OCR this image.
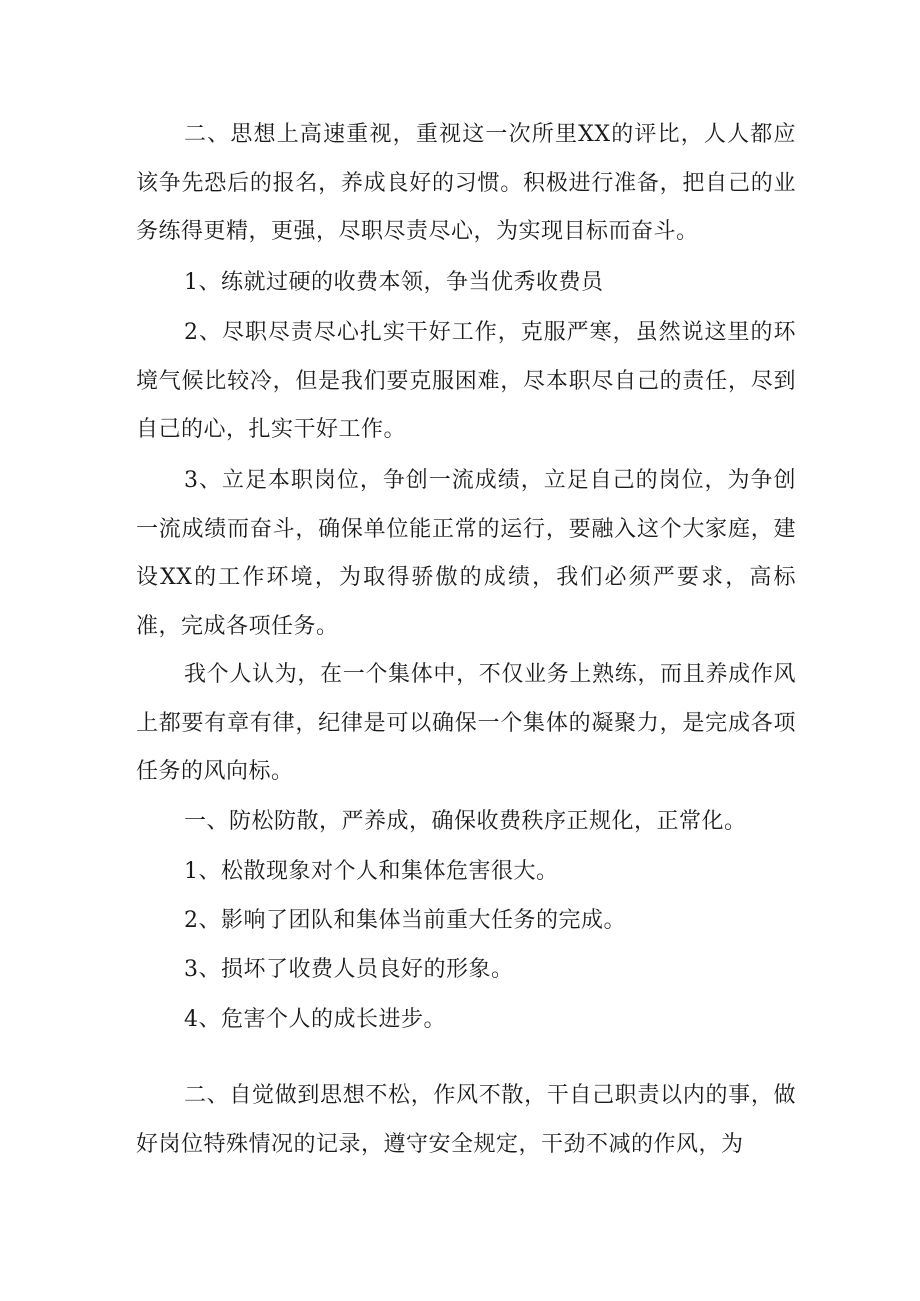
二、思想上高速重视，重视这一次所里XX的评比，人人都应该争先恐后的报名，养成良好的习惯。积极进行准备，把自己的业务练得更精，更强，尽职尽责尽心，为实现目标而奋斗。

1、练就过硬的收费本领，争当优秀收费员

2、尽职尽责尽心扎实干好工作，克服严寒，虽然说这里的环境气候比较冷，但是我们要克服困难，尽本职尽自己的责任，尽到自己的心，扎实干好工作。

3、立足本职岗位，争创一流成绩，立足自己的岗位，为争创一流成绩而奋斗，确保单位能正常的运行，要融入这个大家庭，建设XX的工作环境，为取得骄傲的成绩，我们必须严要求，高标准，完成各项任务。

我个人认为，在一个集体中，不仅业务上熟练，而且养成作风上都要有章有律，纪律是可以确保一个集体的凝聚力，是完成各项任务的风向标。

一、防松防散，严养成，确保收费秩序正规化，正常化。

1、松散现象对个人和集体危害很大。

2、影响了团队和集体当前重大任务的完成。

3、损坏了收费人员良好的形象。

4、危害个人的成长进步。

二、自觉做到思想不松，作风不散，干自己职责以内的事，做好岗位特殊情况的记录，遵守安全规定，干劲不减的作风，为
